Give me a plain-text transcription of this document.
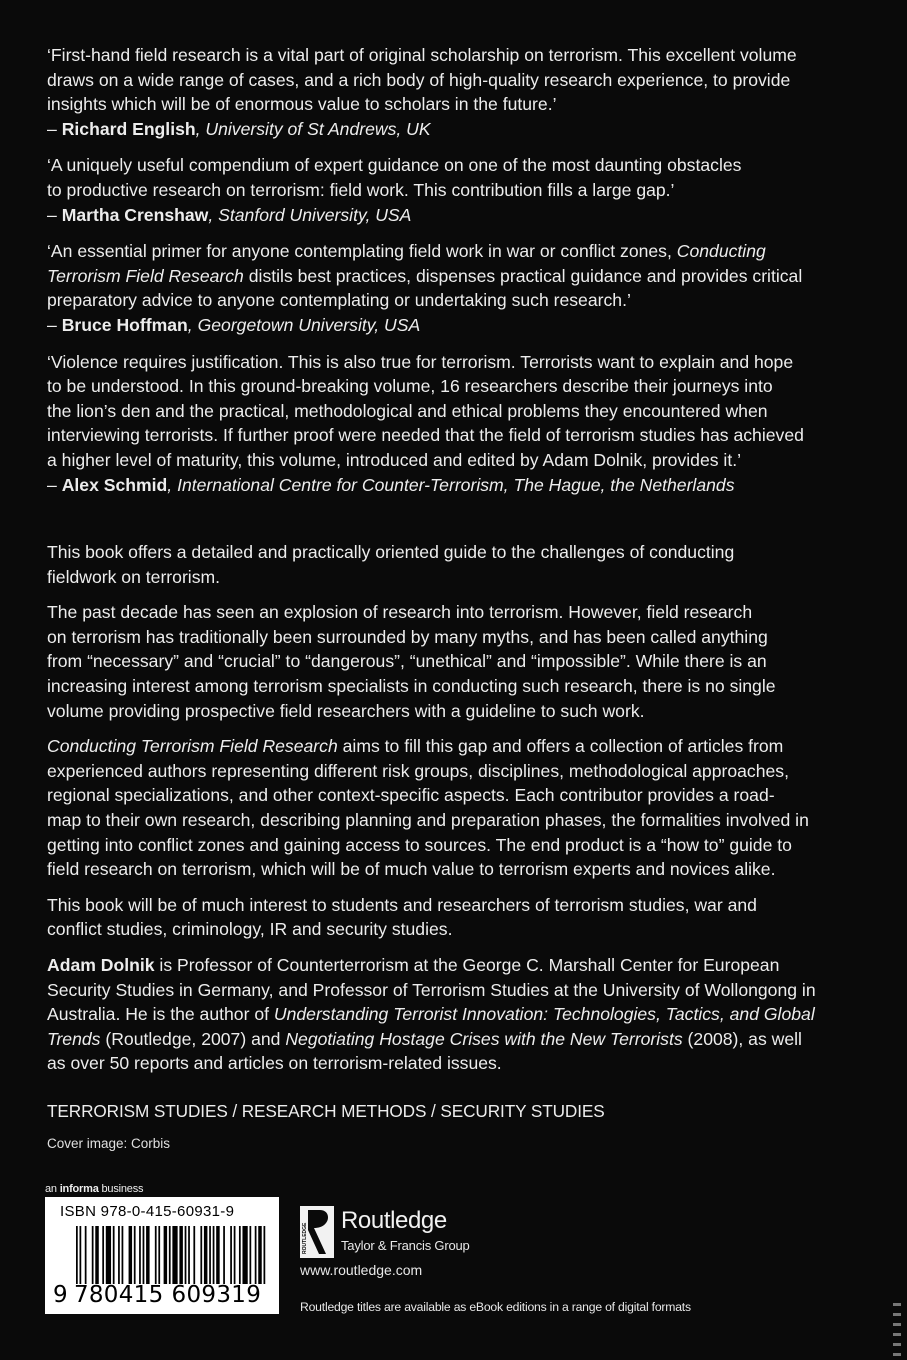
‘First-hand field research is a vital part of original scholarship on terrorism. This excellent volume
draws on a wide range of cases, and a rich body of high-quality research experience, to provide
insights which will be of enormous value to scholars in the future.’
– Richard English, University of St Andrews, UK
‘A uniquely useful compendium of expert guidance on one of the most daunting obstacles
to productive research on terrorism: field work. This contribution fills a large gap.’
– Martha Crenshaw, Stanford University, USA
‘An essential primer for anyone contemplating field work in war or conflict zones, Conducting
Terrorism Field Research distils best practices, dispenses practical guidance and provides critical
preparatory advice to anyone contemplating or undertaking such research.’
– Bruce Hoffman, Georgetown University, USA
‘Violence requires justification. This is also true for terrorism. Terrorists want to explain and hope
to be understood. In this ground-breaking volume, 16 researchers describe their journeys into
the lion’s den and the practical, methodological and ethical problems they encountered when
interviewing terrorists. If further proof were needed that the field of terrorism studies has achieved
a higher level of maturity, this volume, introduced and edited by Adam Dolnik, provides it.’
– Alex Schmid, International Centre for Counter-Terrorism, The Hague, the Netherlands
This book offers a detailed and practically oriented guide to the challenges of conducting
fieldwork on terrorism.
The past decade has seen an explosion of research into terrorism. However, field research
on terrorism has traditionally been surrounded by many myths, and has been called anything
from “necessary” and “crucial” to “dangerous”, “unethical” and “impossible”. While there is an
increasing interest among terrorism specialists in conducting such research, there is no single
volume providing prospective field researchers with a guideline to such work.
Conducting Terrorism Field Research aims to fill this gap and offers a collection of articles from
experienced authors representing different risk groups, disciplines, methodological approaches,
regional specializations, and other context-specific aspects. Each contributor provides a road-
map to their own research, describing planning and preparation phases, the formalities involved in
getting into conflict zones and gaining access to sources. The end product is a “how to” guide to
field research on terrorism, which will be of much value to terrorism experts and novices alike.
This book will be of much interest to students and researchers of terrorism studies, war and
conflict studies, criminology, IR and security studies.
Adam Dolnik is Professor of Counterterrorism at the George C. Marshall Center for European
Security Studies in Germany, and Professor of Terrorism Studies at the University of Wollongong in
Australia. He is the author of Understanding Terrorist Innovation: Technologies, Tactics, and Global
Trends (Routledge, 2007) and Negotiating Hostage Crises with the New Terrorists (2008), as well
as over 50 reports and articles on terrorism-related issues.
TERRORISM STUDIES / RESEARCH METHODS / SECURITY STUDIES
Cover image: Corbis
an informa business
ISBN 978-0-415-60931-9
9 780415 609319
ROUTLEDGE
Routledge
Taylor & Francis Group
www.routledge.com
Routledge titles are available as eBook editions in a range of digital formats
